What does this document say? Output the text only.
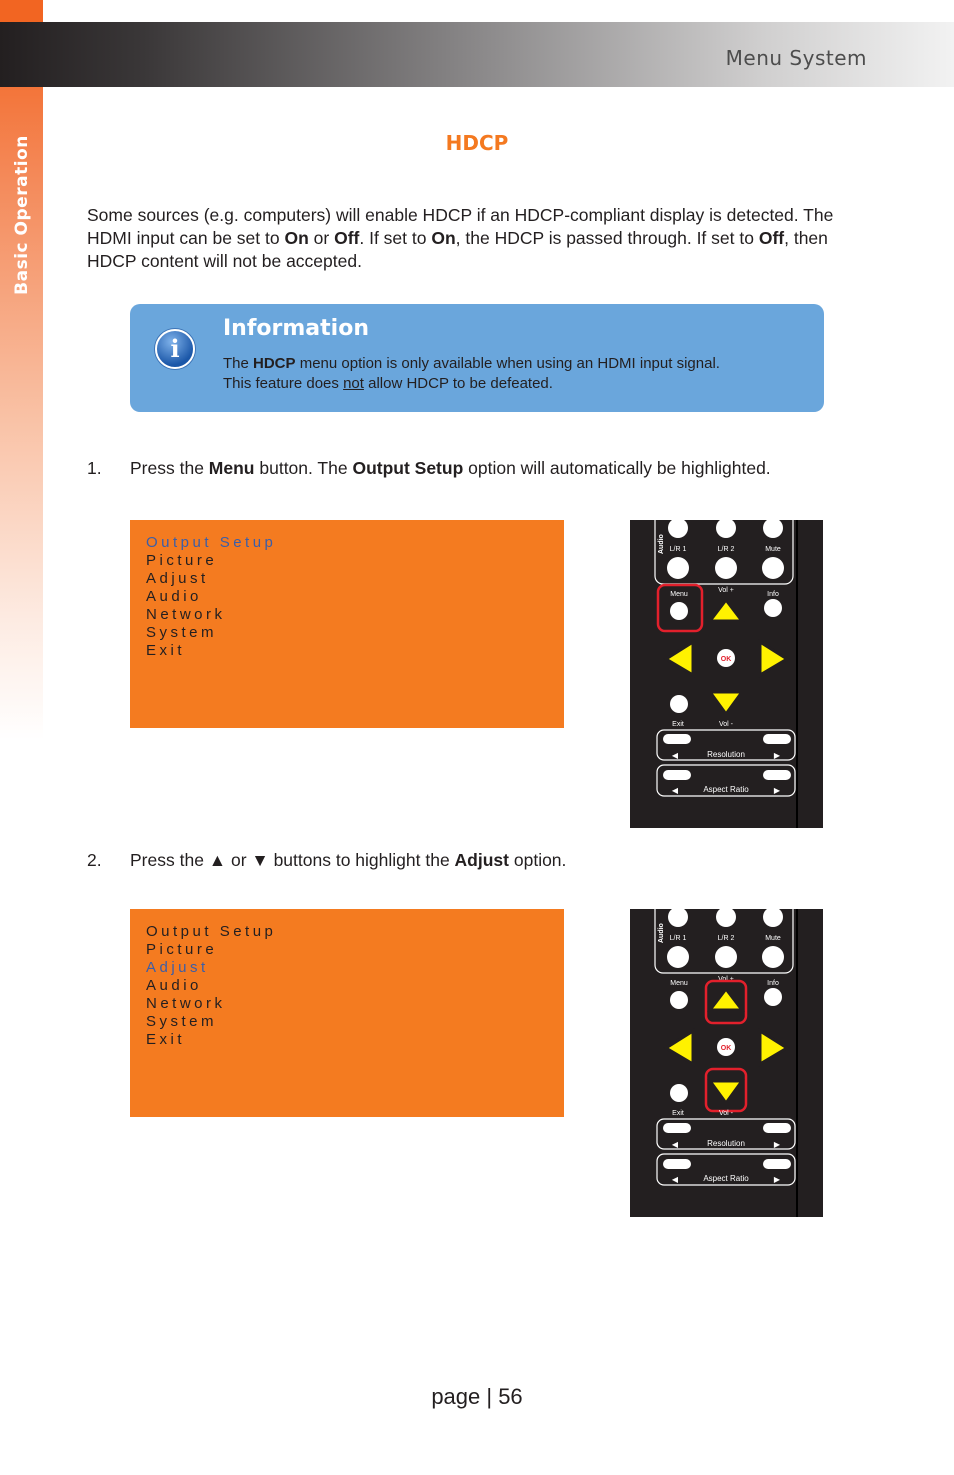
Basic Operation
Menu System
HDCP
Some sources (e.g. computers) will enable HDCP if an HDCP-compliant display is detected. The HDMI input can be set to On or Off. If set to On, the HDCP is passed through. If set to Off, then HDCP content will not be accepted.
i
Information
The HDCP menu option is only available when using an HDMI input signal.
This feature does not allow HDCP to be defeated.
1. Press the Menu button. The Output Setup option will automatically be highlighted.
Output Setup
Picture
Adjust
Audio
Network
System
Exit
Audio L/R 1	L/R 2	Mute
Menu
Vol +
Info
OK
Exit	Vol -
◀	Resolution	▶
◀	Aspect Ratio	▶
2. Press the ▲ or ▼ buttons to highlight the Adjust option.
Output Setup
Picture
Adjust
Audio
Network
System
Exit
Audio L/R 1	L/R 2	Mute
Menu
Vol +
Info
OK
Exit	Vol -
◀	Resolution	▶
◀	Aspect Ratio	▶
page | 56
